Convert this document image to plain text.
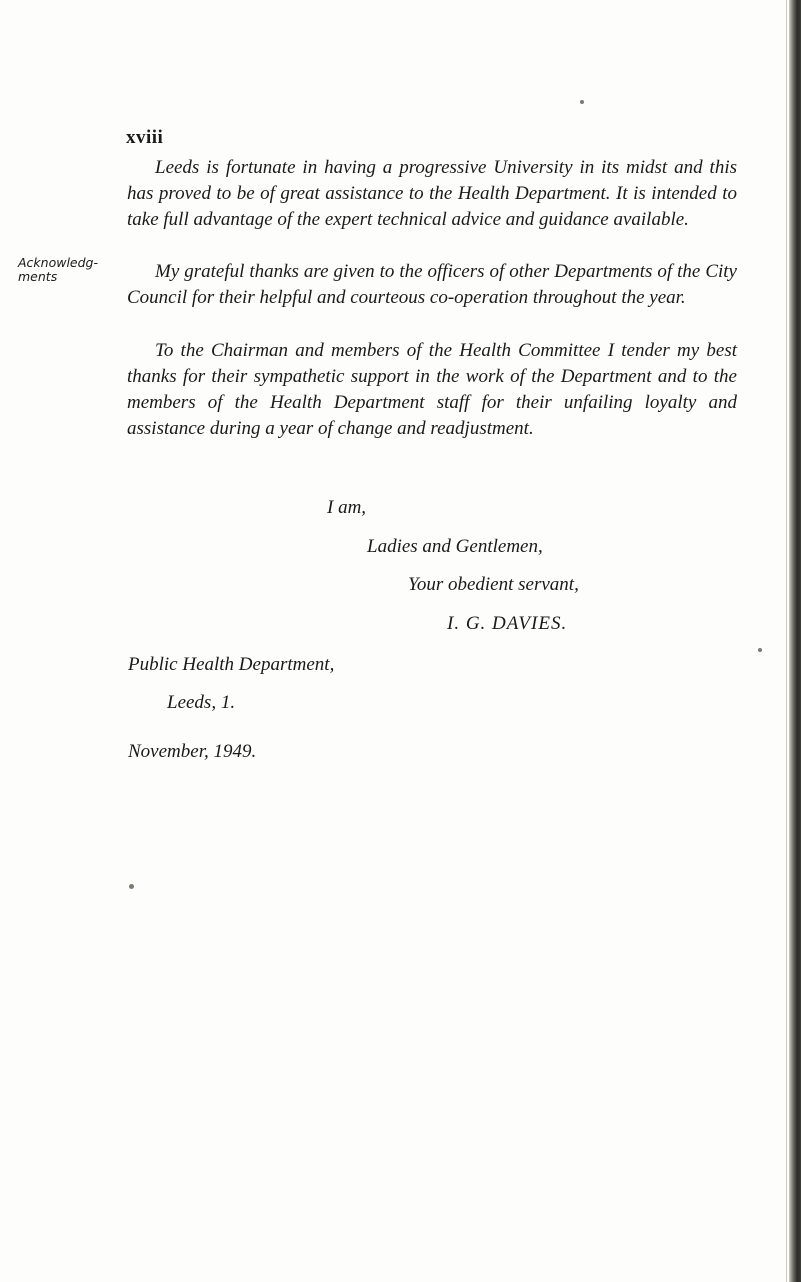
xviii
Acknowledg-
ments

Leeds is fortunate in having a progressive University in its midst and this has proved to be of great assistance to the Health Department. It is intended to take full advantage of the expert technical advice and guidance available.

My grateful thanks are given to the officers of other Departments of the City Council for their helpful and courteous co-operation throughout the year.

To the Chairman and members of the Health Committee I tender my best thanks for their sympathetic support in the work of the Department and to the members of the Health Department staff for their unfailing loyalty and assistance during a year of change and readjustment.

I am,
Ladies and Gentlemen,
Your obedient servant,
I. G. DAVIES.
Public Health Department,
Leeds, 1.
November, 1949.
